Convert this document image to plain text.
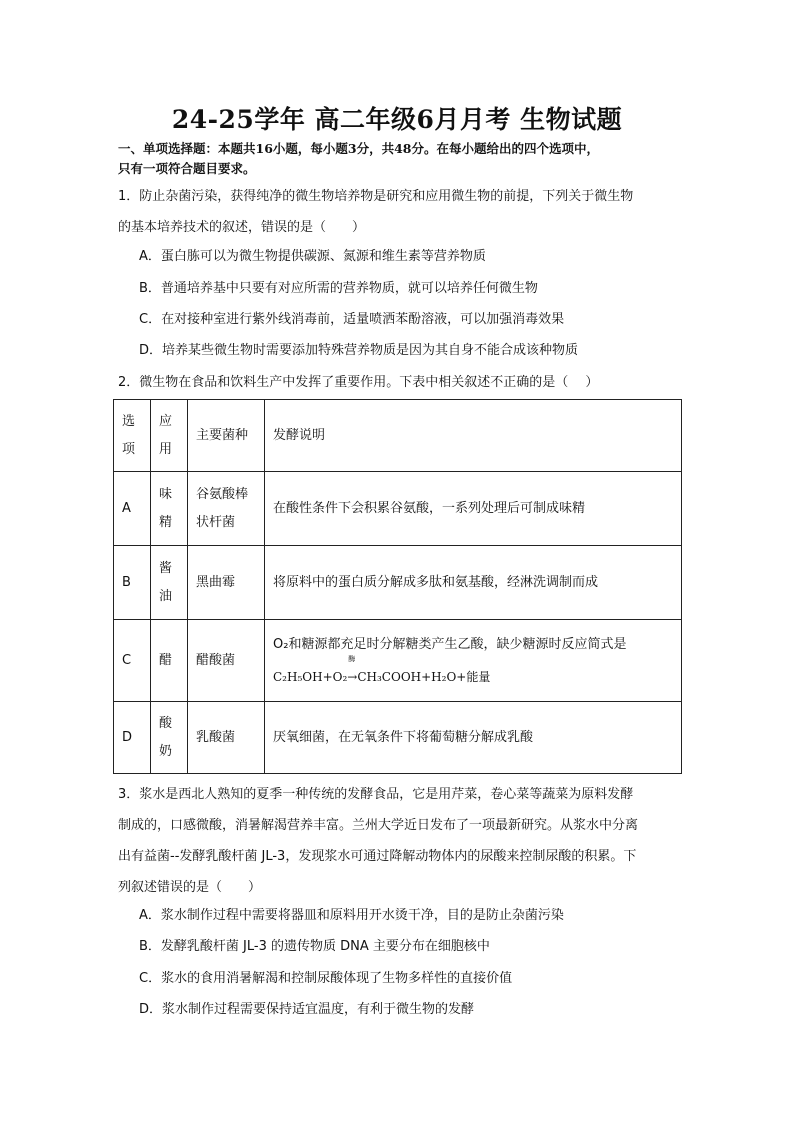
24-25学年 高二年级6月月考 生物试题
一、单项选择题：本题共16小题，每小题3分，共48分。在每小题给出的四个选项中，
只有一项符合题目要求。
1．防止杂菌污染，获得纯净的微生物培养物是研究和应用微生物的前提，下列关于微生物
的基本培养技术的叙述，错误的是（　　）
A．蛋白胨可以为微生物提供碳源、氮源和维生素等营养物质
B．普通培养基中只要有对应所需的营养物质，就可以培养任何微生物
C．在对接种室进行紫外线消毒前，适量喷洒苯酚溶液，可以加强消毒效果
D．培养某些微生物时需要添加特殊营养物质是因为其自身不能合成该种物质
2．微生物在食品和饮料生产中发挥了重要作用。下表中相关叙述不正确的是（　 ）
选项	应用	主要菌种	发酵说明
A	味精	谷氨酸棒状杆菌	在酸性条件下会积累谷氨酸，一系列处理后可制成味精
B	酱油	黑曲霉	将原料中的蛋白质分解成多肽和氨基酸，经淋洗调制而成
C	醋	醋酸菌	O₂和糖源都充足时分解糖类产生乙酸，缺少糖源时反应简式是
C₂H₅OH+O₂
酶
→CH₃COOH+H₂O+能量

D	酸奶	乳酸菌	厌氧细菌，在无氧条件下将葡萄糖分解成乳酸
3．浆水是西北人熟知的夏季一种传统的发酵食品，它是用芹菜，卷心菜等蔬菜为原料发酵
制成的，口感微酸，消暑解渴营养丰富。兰州大学近日发布了一项最新研究。从浆水中分离
出有益菌--发酵乳酸杆菌 JL-3，发现浆水可通过降解动物体内的尿酸来控制尿酸的积累。下
列叙述错误的是（　　）
A．浆水制作过程中需要将器皿和原料用开水烫干净，目的是防止杂菌污染
B．发酵乳酸杆菌 JL-3 的遗传物质 DNA 主要分布在细胞核中
C．浆水的食用消暑解渴和控制尿酸体现了生物多样性的直接价值
D．浆水制作过程需要保持适宜温度，有利于微生物的发酵
